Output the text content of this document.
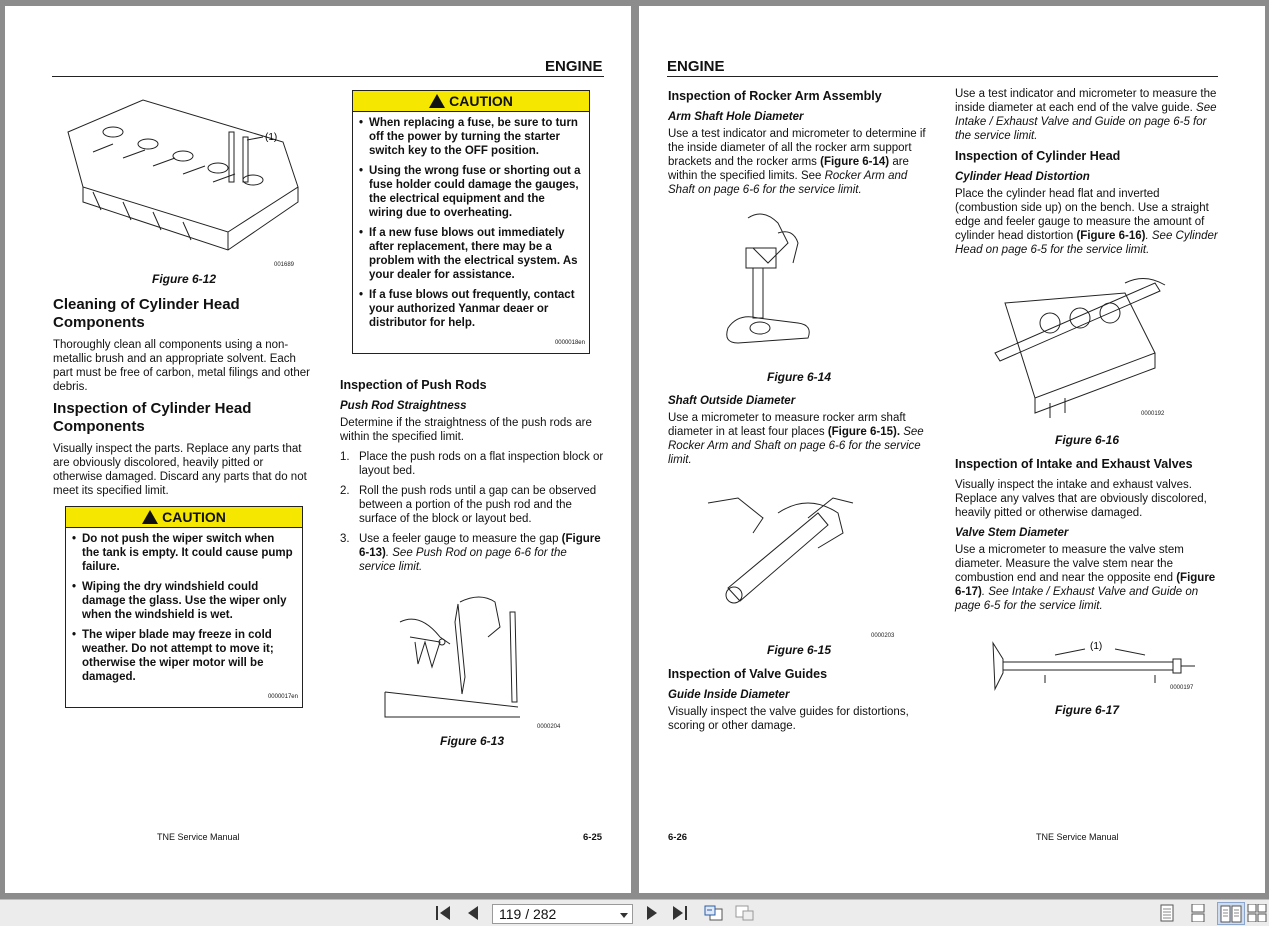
ENGINE
(1)
001689
Figure 6-12
Cleaning of Cylinder Head Components

Thoroughly clean all components using a non-metallic brush and an appropriate solvent. Each part must be free of carbon, metal filings and other debris.

Inspection of Cylinder Head Components

Visually inspect the parts. Replace any parts that are obviously discolored, heavily pitted or otherwise damaged. Discard any parts that do not meet its specified limit.

CAUTION
• Do not push the wiper switch when the tank is empty. It could cause pump failure.
• Wiping the dry windshield could damage the glass. Use the wiper only when the windshield is wet.
• The wiper blade may freeze in cold weather. Do not attempt to move it; otherwise the wiper motor will be damaged.
0000017en
CAUTION
• When replacing a fuse, be sure to turn off the power by turning the starter switch key to the OFF position.
• Using the wrong fuse or shorting out a fuse holder could damage the gauges, the electrical equipment and the wiring due to overheating.
• If a new fuse blows out immediately after replacement, there may be a problem with the electrical system. As your dealer for assistance.
• If a fuse blows out frequently, contact your authorized Yanmar deaer or distributor for help.
0000018en
Inspection of Push Rods
Push Rod Straightness

Determine if the straightness of the push rods are within the specified limit.

1. Place the push rods on a flat inspection block or layout bed.
2. Roll the push rods until a gap can be observed between a portion of the push rod and the surface of the block or layout bed.
3. Use a feeler gauge to measure the gap (Figure 6-13). See Push Rod on page 6-6 for the service limit.
0000204
Figure 6-13
TNE Service Manual	6-25
ENGINE
Inspection of Rocker Arm Assembly
Arm Shaft Hole Diameter

Use a test indicator and micrometer to determine if the inside diameter of all the rocker arm support brackets and the rocker arms (Figure 6-14) are within the specified limits. See Rocker Arm and Shaft on page 6-6 for the service limit.

Figure 6-14
Shaft Outside Diameter

Use a micrometer to measure rocker arm shaft diameter in at least four places (Figure 6-15). See Rocker Arm and Shaft on page 6-6 for the service limit.

0000203
Figure 6-15
Inspection of Valve Guides
Guide Inside Diameter

Visually inspect the valve guides for distortions, scoring or other damage.

Use a test indicator and micrometer to measure the inside diameter at each end of the valve guide. See Intake / Exhaust Valve and Guide on page 6-5 for the service limit.

Inspection of Cylinder Head
Cylinder Head Distortion

Place the cylinder head flat and inverted (combustion side up) on the bench. Use a straight edge and feeler gauge to measure the amount of cylinder head distortion (Figure 6-16). See Cylinder Head on page 6-5 for the service limit.

0000192
Figure 6-16
Inspection of Intake and Exhaust Valves

Visually inspect the intake and exhaust valves. Replace any valves that are obviously discolored, heavily pitted or otherwise damaged.

Valve Stem Diameter

Use a micrometer to measure the valve stem diameter. Measure the valve stem near the combustion end and near the opposite end (Figure 6-17). See Intake / Exhaust Valve and Guide on page 6-5 for the service limit.

(1)
0000197
Figure 6-17
6-26	TNE Service Manual
119 / 282
